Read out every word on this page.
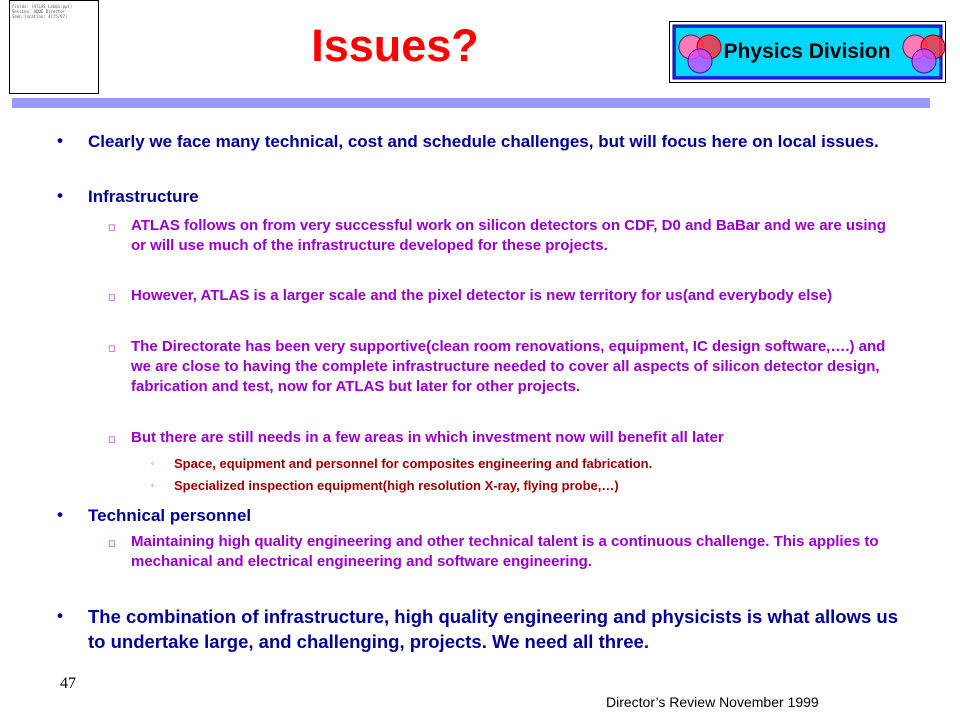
Fields: (ATLAS Lebb1.ppt)
Session: ADDE Director
Seen.location: 4(/5/97)
Issues?	Physics Division
•	Clearly we face many technical, cost and schedule challenges, but will focus here on local issues.
•	Infrastructure
◻ ATLAS follows on from very successful work on silicon detectors on CDF, D0 and BaBar and we are using or will use much of the infrastructure developed for these projects.
◻ However, ATLAS is a larger scale and the pixel detector is new territory for us(and everybody else)
◻ The Directorate has been very supportive(clean room renovations, equipment, IC design software,….) and we are close to having the complete infrastructure needed to cover all aspects of silicon detector design, fabrication and test, now for ATLAS but later for other projects.
◻ But there are still needs in a few areas in which investment now will benefit all later
◦ Space, equipment and personnel for composites engineering and fabrication.
◦ Specialized inspection equipment(high resolution X-ray, flying probe,…)
•	Technical personnel
◻ Maintaining high quality engineering and other technical talent is a continuous challenge. This applies to mechanical and electrical engineering and software engineering.
•	The combination of infrastructure, high quality engineering and physicists is what allows us to undertake large, and challenging, projects. We need all three.
47
Director’s Review November 1999
